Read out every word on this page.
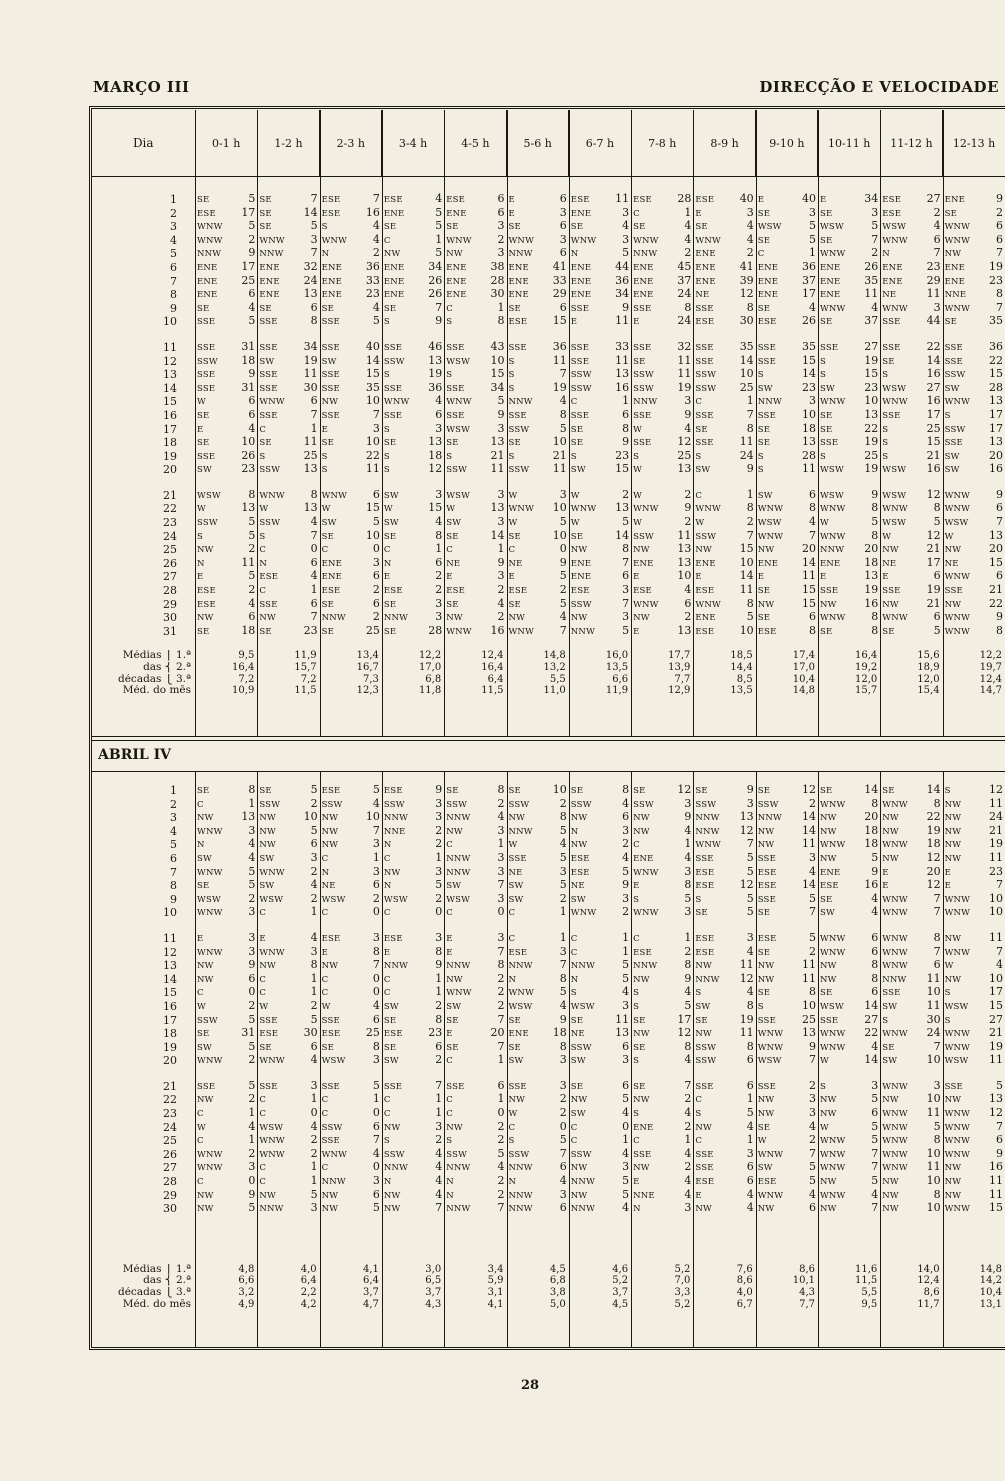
MARÇO III	DIRECÇÃO E VELOCIDADE
Dia	0-1 h	1-2 h	2-3 h	3-4 h	4-5 h	5-6 h	6-7 h	7-8 h	8-9 h	9-10 h	10-11 h	11-12 h	12-13 h
1	SE 5	SE 7	ESE 7	ESE 4	ESE 6	E 6	ESE 11	ESE 28	ESE 40	E 40	E 34	ESE 27	ENE 9

2	ESE 17	SE 14	ESE 16	ENE 5	ENE 6	E 3	ENE 3	C 1	E 3	SE 3	SE 3	ESE 2	SE 2

3	WNW 5	SE 5	S 4	SE 5	SE 3	SE 6	SE 4	SE 4	SE 4	WSW 5	WSW 5	WSW 4	WNW 6

4	WNW 2	WNW 3	WNW 4	C 1	WNW 2	WNW 3	WNW 3	WNW 4	WNW 4	SE 5	SE 7	WNW 6	WNW 6

5	NNW 9	NNW 7	N 2	NW 5	NW 3	NNW 6	N 5	NNW 2	ENE 2	C 1	WNW 2	N 7	NW 7

6	ENE 17	ENE 32	ENE 36	ENE 34	ENE 38	ENE 41	ENE 44	ENE 45	ENE 41	ENE 36	ENE 26	ENE 23	ENE 19

7	ENE 25	ENE 24	ENE 33	ENE 26	ENE 28	ENE 33	ENE 36	ENE 37	ENE 39	ENE 37	ENE 35	ENE 29	ENE 23

8	ENE 6	ENE 13	ENE 23	ENE 26	ENE 30	ENE 29	ENE 34	ENE 24	NE 12	ENE 17	ENE 11	NE 11	NNE 8

9	SE 4	SE 6	SE 4	SE 7	C 1	SE 6	SSE 9	SSE 8	SSE 8	SE 4	WNW 4	WNW 3	WNW 7

10	SSE 5	SSE 8	SSE 5	S 9	S 8	ESE 15	E 11	E 24	ESE 30	ESE 26	SE 37	SSE 44	SE 35

11	SSE 31	SSE 34	SSE 40	SSE 46	SSE 43	SSE 36	SSE 33	SSE 32	SSE 35	SSE 35	SSE 27	SSE 22	SSE 36

12	SSW 18	SW 19	SW 14	SSW 13	WSW 10	S 11	SSE 11	SE 11	SSE 14	SSE 15	S 19	SE 14	SSE 22

13	SSE 9	SSE 11	SSE 15	S 19	S 15	S 7	SSW 13	SSW 11	SSW 10	S 14	S 15	S 16	SSW 15

14	SSE 31	SSE 30	SSE 35	SSE 36	SSE 34	S 19	SSW 16	SSW 19	SSW 25	SW 23	SW 23	WSW 27	SW 28

15	W 6	WNW 6	NW 10	WNW 4	WNW 5	NNW 4	C 1	NNW 3	C 1	NNW 3	WNW 10	WNW 16	WNW 13

16	SE 6	SSE 7	SSE 7	SSE 6	SSE 9	SSE 8	SSE 6	SSE 9	SSE 7	SSE 10	SE 13	SSE 17	S 17

17	E 4	C 1	E 3	S 3	WSW 3	SSW 5	SE 8	W 4	SE 8	SE 18	SE 22	S 25	SSW 17

18	SE 10	SE 11	SE 10	SE 13	SE 13	SE 10	SE 9	SSE 12	SSE 11	SE 13	SSE 19	S 15	SSE 13

19	SSE 26	S 25	S 22	S 18	S 21	S 21	S 23	S 25	S 24	S 28	S 25	S 21	SW 20

20	SW 23	SSW 13	S 11	S 12	SSW 11	SSW 11	SW 15	W 13	SW 9	S 11	WSW 19	WSW 16	SW 16

21	WSW 8	WNW 8	WNW 6	SW 3	WSW 3	W 3	W 2	W 2	C 1	SW 6	WSW 9	WSW 12	WNW 9

22	W 13	W 13	W 15	W 15	W 13	WNW 10	WNW 13	WNW 9	WNW 8	WNW 8	WNW 8	WNW 8	WNW 6

23	SSW 5	SSW 4	SW 5	SW 4	SW 3	W 5	W 5	W 2	W 2	WSW 4	W 5	WSW 5	WSW 7

24	S 5	S 7	SE 10	SE 8	SE 14	SE 10	SE 14	SSW 11	SSW 7	WNW 7	WNW 8	W 12	W 13

25	NW 2	C 0	C 0	C 1	C 1	C 0	NW 8	NW 13	NW 15	NW 20	NNW 20	NW 21	NW 20

26	N 11	N 6	ENE 3	N 6	NE 9	NE 9	ENE 7	ENE 13	ENE 10	ENE 14	ENE 18	NE 17	NE 15

27	E 5	ESE 4	ENE 6	E 2	E 3	E 5	ENE 6	E 10	E 14	E 11	E 13	E 6	WNW 6

28	ESE 2	C 1	ESE 2	ESE 2	ESE 2	ESE 2	ESE 3	ESE 4	ESE 11	SE 15	SSE 19	SSE 19	SSE 21

29	ESE 4	SSE 6	SE 6	SE 3	SE 4	SE 5	SSW 7	WNW 6	WNW 8	NW 15	NW 16	NW 21	NW 22

30	NW 6	NW 7	NNW 2	NNW 3	NW 2	NW 4	NW 3	NW 2	ENE 5	SE 6	WNW 8	WNW 6	WNW 9

31	SE 18	SE 23	SE 25	SE 28	WNW 16	WNW 7	NNW 5	E 13	ESE 10	ESE 8	SE 8	SE 5	WNW 8

Médias ⎧ 1.ª	9,5	11,9	13,4	12,2	12,4	14,8	16,0	17,7	18,5	17,4	16,4	15,6	12,2
das ⎨ 2.ª	16,4	15,7	16,7	17,0	16,4	13,2	13,5	13,9	14,4	17,0	19,2	18,9	19,7
décadas ⎩ 3.ª	7,2	7,2	7,3	6,8	6,4	5,5	6,6	7,7	8,5	10,4	12,0	12,0	12,4
Méd. do mês	10,9	11,5	12,3	11,8	11,5	11,0	11,9	12,9	13,5	14,8	15,7	15,4	14,7
ABRIL IV
1	SE 8	SE 5	ESE 5	ESE 9	SE 8	SE 10	SE 8	SE 12	SE 9	SE 12	SE 14	SE 14	S 12

2	C 1	SSW 2	SSW 4	SSW 3	SSW 2	SSW 2	SSW 4	SSW 3	SSW 3	SSW 2	WNW 8	WNW 8	NW 11

3	NW 13	NW 10	NW 10	NNW 3	NNW 4	NW 8	NW 6	NW 9	NNW 13	NNW 14	NW 20	NW 22	NW 24

4	WNW 3	NW 5	NW 7	NNE 2	NW 3	NNW 5	N 3	NW 4	NNW 12	NW 14	NW 18	NW 19	NW 21

5	N 4	NW 6	NW 3	N 2	C 1	W 4	NW 2	C 1	WNW 7	NW 11	WNW 18	WNW 18	NW 19

6	SW 4	SW 3	C 1	C 1	NNW 3	SSE 5	ESE 4	ENE 4	SSE 5	SSE 3	NW 5	NW 12	NW 11

7	WNW 5	WNW 2	N 3	NW 3	NNW 3	NE 3	ESE 5	WNW 3	ESE 5	ESE 4	ENE 9	E 20	E 23

8	SE 5	SW 4	NE 6	N 5	SW 7	SW 5	NE 9	E 8	ESE 12	ESE 14	ESE 16	E 12	E 7

9	WSW 2	WSW 2	WSW 2	WSW 2	WSW 3	SW 2	SW 3	S 5	S 5	SSE 5	SE 4	WNW 7	WNW 10

10	WNW 3	C 1	C 0	C 0	C 0	C 1	WNW 2	WNW 3	SE 5	SE 7	SW 4	WNW 7	WNW 10

11	E 3	E 4	ESE 3	ESE 3	E 3	C 1	C 1	C 1	ESE 3	ESE 5	WNW 6	WNW 8	NW 11

12	WNW 3	WNW 3	E 8	E 8	E 7	ESE 3	C 1	ESE 2	ESE 4	SE 2	WNW 6	WNW 7	WNW 7

13	NW 9	NW 8	NW 7	NNW 9	NNW 8	NNW 7	NNW 5	NNW 8	NW 11	NW 11	NW 8	WNW 6	W 4

14	NW 6	C 1	C 0	C 1	NW 2	N 8	N 5	NW 9	NNW 12	NW 11	NW 8	NNW 11	NW 10

15	C 0	C 1	C 0	C 1	WNW 2	WNW 5	S 4	S 4	S 4	SE 8	SE 6	SSE 10	S 17

16	W 2	W 2	W 4	SW 2	SW 2	WSW 4	WSW 3	S 5	SW 8	S 10	WSW 14	SW 11	WSW 15

17	SSW 5	SSE 5	SSE 6	SE 8	SE 7	SE 9	SE 11	SE 17	SE 19	SSE 25	SSE 27	S 30	S 27

18	SE 31	ESE 30	ESE 25	ESE 23	E 20	ENE 18	NE 13	NW 12	NW 11	WNW 13	WNW 22	WNW 24	WNW 21

19	SW 5	SE 6	SE 8	SE 6	SE 7	SE 8	SSW 6	SE 8	SSW 8	WNW 9	WNW 4	SE 7	WNW 19

20	WNW 2	WNW 4	WSW 3	SW 2	C 1	SW 3	SW 3	S 4	SSW 6	WSW 7	W 14	SW 10	WSW 11

21	SSE 5	SSE 3	SSE 5	SSE 7	SSE 6	SSE 3	SE 6	SE 7	SSE 6	SSE 2	S 3	WNW 3	SSE 5

22	NW 2	C 1	C 1	C 1	C 1	NW 2	NW 5	NW 2	C 1	NW 3	NW 5	NW 10	NW 13

23	C 1	C 0	C 0	C 1	C 0	W 2	SW 4	S 4	S 5	NW 3	NW 6	WNW 11	WNW 12

24	W 4	WSW 4	SSW 6	NW 3	NW 2	C 0	C 0	ENE 2	NW 4	SE 4	W 5	WNW 5	WNW 7

25	C 1	WNW 2	SSE 7	S 2	S 2	S 5	C 1	C 1	C 1	W 2	WNW 5	WNW 8	WNW 6

26	WNW 2	WNW 2	WNW 4	SSW 4	SSW 5	SSW 7	SSW 4	SSE 4	SSE 3	WNW 7	WNW 7	WNW 10	WNW 9

27	WNW 3	C 1	C 0	NNW 4	NNW 4	NNW 6	NW 3	NW 2	SSE 6	SW 5	WNW 7	WNW 11	NW 16

28	C 0	C 1	NNW 3	N 4	N 2	N 4	NNW 5	E 4	ESE 6	ESE 5	NW 5	NW 10	NW 11

29	NW 9	NW 5	NW 6	NW 4	N 2	NNW 3	NW 5	NNE 4	E 4	WNW 4	WNW 4	NW 8	NW 11

30	NW 5	NNW 3	NW 5	NW 7	NNW 7	NNW 6	NNW 4	N 3	NW 4	NW 6	NW 7	NW 10	WNW 15

Médias ⎧ 1.ª	4,8	4,0	4,1	3,0	3,4	4,5	4,6	5,2	7,6	8,6	11,6	14,0	14,8
das ⎨ 2.ª	6,6	6,4	6,4	6,5	5,9	6,8	5,2	7,0	8,6	10,1	11,5	12,4	14,2
décadas ⎩ 3.ª	3,2	2,2	3,7	3,7	3,1	3,8	3,7	3,3	4,0	4,3	5,5	8,6	10,4
Méd. do mês	4,9	4,2	4,7	4,3	4,1	5,0	4,5	5,2	6,7	7,7	9,5	11,7	13,1
28
